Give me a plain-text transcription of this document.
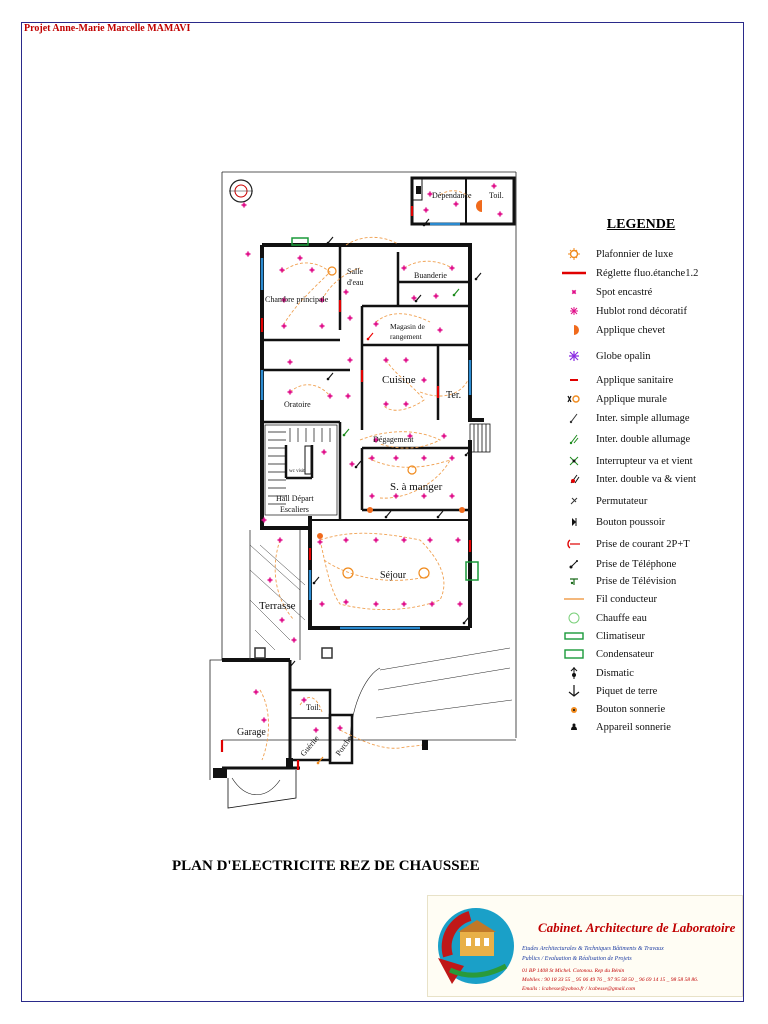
Projet Anne-Marie Marcelle MAMAVI
Dépendance Toil.
Salle
d'eau
Buanderie
Chambre principale
Magasin de
rangement
Cuisine
Ter.
Oratoire
Dégagement
wc visit
S. à manger
Hall Départ
Escaliers
Séjour
Terrasse
Toil.
Garage
Guérite Porche
LEGENDE
Plafonnier de luxe
Réglette fluo.étanche1.2
Spot encastré
Hublot rond décoratif
Applique chevet
Globe opalin
Applique sanitaire
Applique murale
Inter. simple allumage
Inter. double allumage
Interrupteur va et vient
Inter. double va & vient
Permutateur
Bouton poussoir
Prise de courant 2P+T
Prise de Téléphone
Prise de Télévision
Fil conducteur
Chauffe eau
Climatiseur
Condensateur
Dismatic
Piquet de terre
Bouton sonnerie
Appareil sonnerie
PLAN D'ELECTRICITE REZ DE CHAUSSEE
Cabinet. Architecture de Laboratoire
Etudes Architecturales & Techniques Bâtiments & Travaux
Publics / Evaluation & Réalisation de Projets
01 BP 1408 St Michel. Cotonou. Rep du Bénin
Mobiles : 90 18 33 55 _ 95 06 49 76 _ 97 95 58 50 _ 96 69 14 15 _ 98 58 58 86.
Emails : lcabesse@yahoo.fr / lcabesse@gmail.com
